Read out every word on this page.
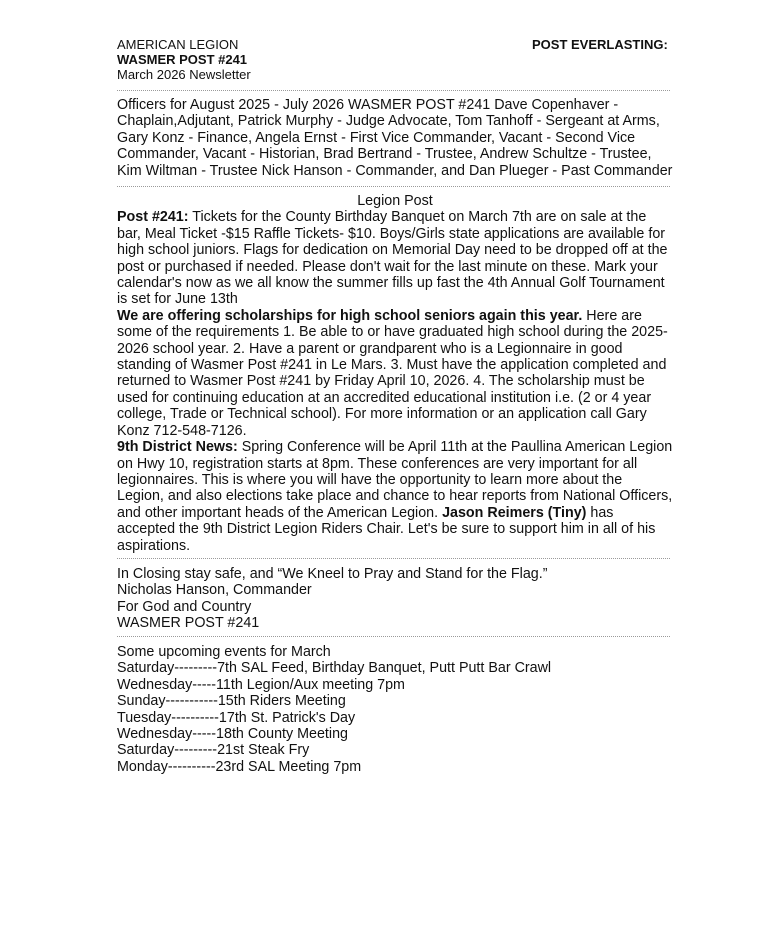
AMERICAN LEGION
WASMER POST #241
March 2026 Newsletter
POST EVERLASTING:
Officers for August 2025 - July 2026 WASMER POST #241 Dave Copenhaver - Chaplain,Adjutant, Patrick Murphy - Judge Advocate, Tom Tanhoff - Sergeant at Arms, Gary Konz - Finance, Angela Ernst - First Vice Commander, Vacant - Second Vice Commander, Vacant - Historian, Brad Bertrand - Trustee, Andrew Schultze - Trustee, Kim Wiltman - Trustee Nick Hanson - Commander, and Dan Plueger - Past Commander
Legion Post
Post #241: Tickets for the County Birthday Banquet on March 7th are on sale at the bar, Meal Ticket -$15 Raffle Tickets- $10. Boys/Girls state applications are available for high school juniors. Flags for dedication on Memorial Day need to be dropped off at the post or purchased if needed. Please don't wait for the last minute on these. Mark your calendar's now as we all know the summer fills up fast the 4th Annual Golf Tournament is set for June 13th
We are offering scholarships for high school seniors again this year. Here are some of the requirements 1. Be able to or have graduated high school during the 2025-2026 school year. 2. Have a parent or grandparent who is a Legionnaire in good standing of Wasmer Post #241 in Le Mars. 3. Must have the application completed and returned to Wasmer Post #241 by Friday April 10, 2026. 4. The scholarship must be used for continuing education at an accredited educational institution i.e. (2 or 4 year college, Trade or Technical school). For more information or an application call Gary Konz 712-548-7126.
9th District News: Spring Conference will be April 11th at the Paullina American Legion on Hwy 10, registration starts at 8pm. These conferences are very important for all legionnaires. This is where you will have the opportunity to learn more about the Legion, and also elections take place and chance to hear reports from National Officers, and other important heads of the American Legion. Jason Reimers (Tiny) has accepted the 9th District Legion Riders Chair. Let's be sure to support him in all of his aspirations.
In Closing stay safe, and “We Kneel to Pray and Stand for the Flag.”
Nicholas Hanson, Commander
For God and Country
WASMER POST #241
Some upcoming events for March
Saturday---------7th SAL Feed, Birthday Banquet, Putt Putt Bar Crawl
Wednesday-----11th Legion/Aux meeting 7pm
Sunday-----------15th Riders Meeting
Tuesday----------17th St. Patrick's Day
Wednesday-----18th County Meeting
Saturday---------21st Steak Fry
Monday----------23rd SAL Meeting 7pm
